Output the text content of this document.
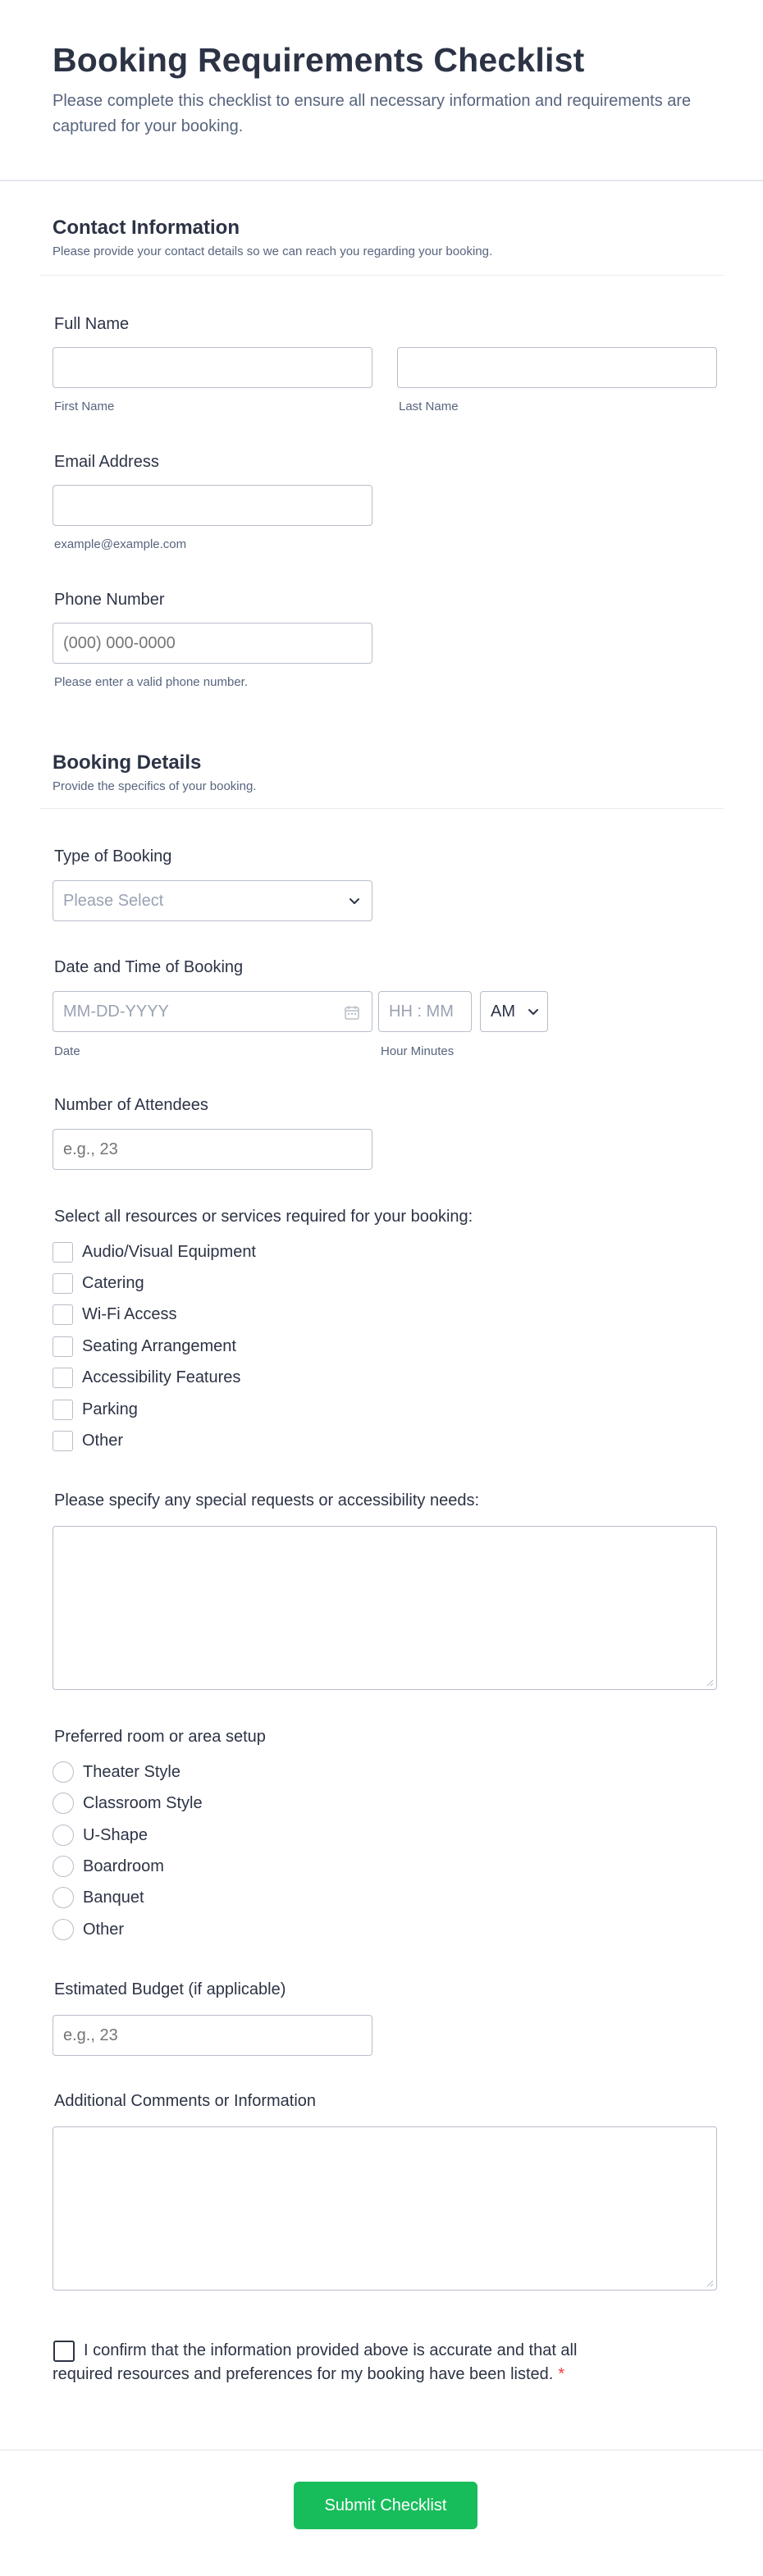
Booking Requirements Checklist

Please complete this checklist to ensure all necessary information and requirements are captured for your booking.

Contact Information
Please provide your contact details so we can reach you regarding your booking.
Full Name
First Name	Last Name
Email Address
example@example.com
Phone Number
(000) 000-0000
Please enter a valid phone number.
Booking Details
Provide the specifics of your booking.
Type of Booking
Please Select
Date and Time of Booking
MM-DD-YYYY	HH : MM	AM
Date	Hour Minutes
Number of Attendees
e.g., 23
Select all resources or services required for your booking:
Audio/Visual Equipment
Catering
Wi-Fi Access
Seating Arrangement
Accessibility Features
Parking
Other
Please specify any special requests or accessibility needs:
Preferred room or area setup
Theater Style
Classroom Style
U-Shape
Boardroom
Banquet
Other
Estimated Budget (if applicable)
e.g., 23
Additional Comments or Information
I confirm that the information provided above is accurate and that all required resources and preferences for my booking have been listed. *
Submit Checklist
